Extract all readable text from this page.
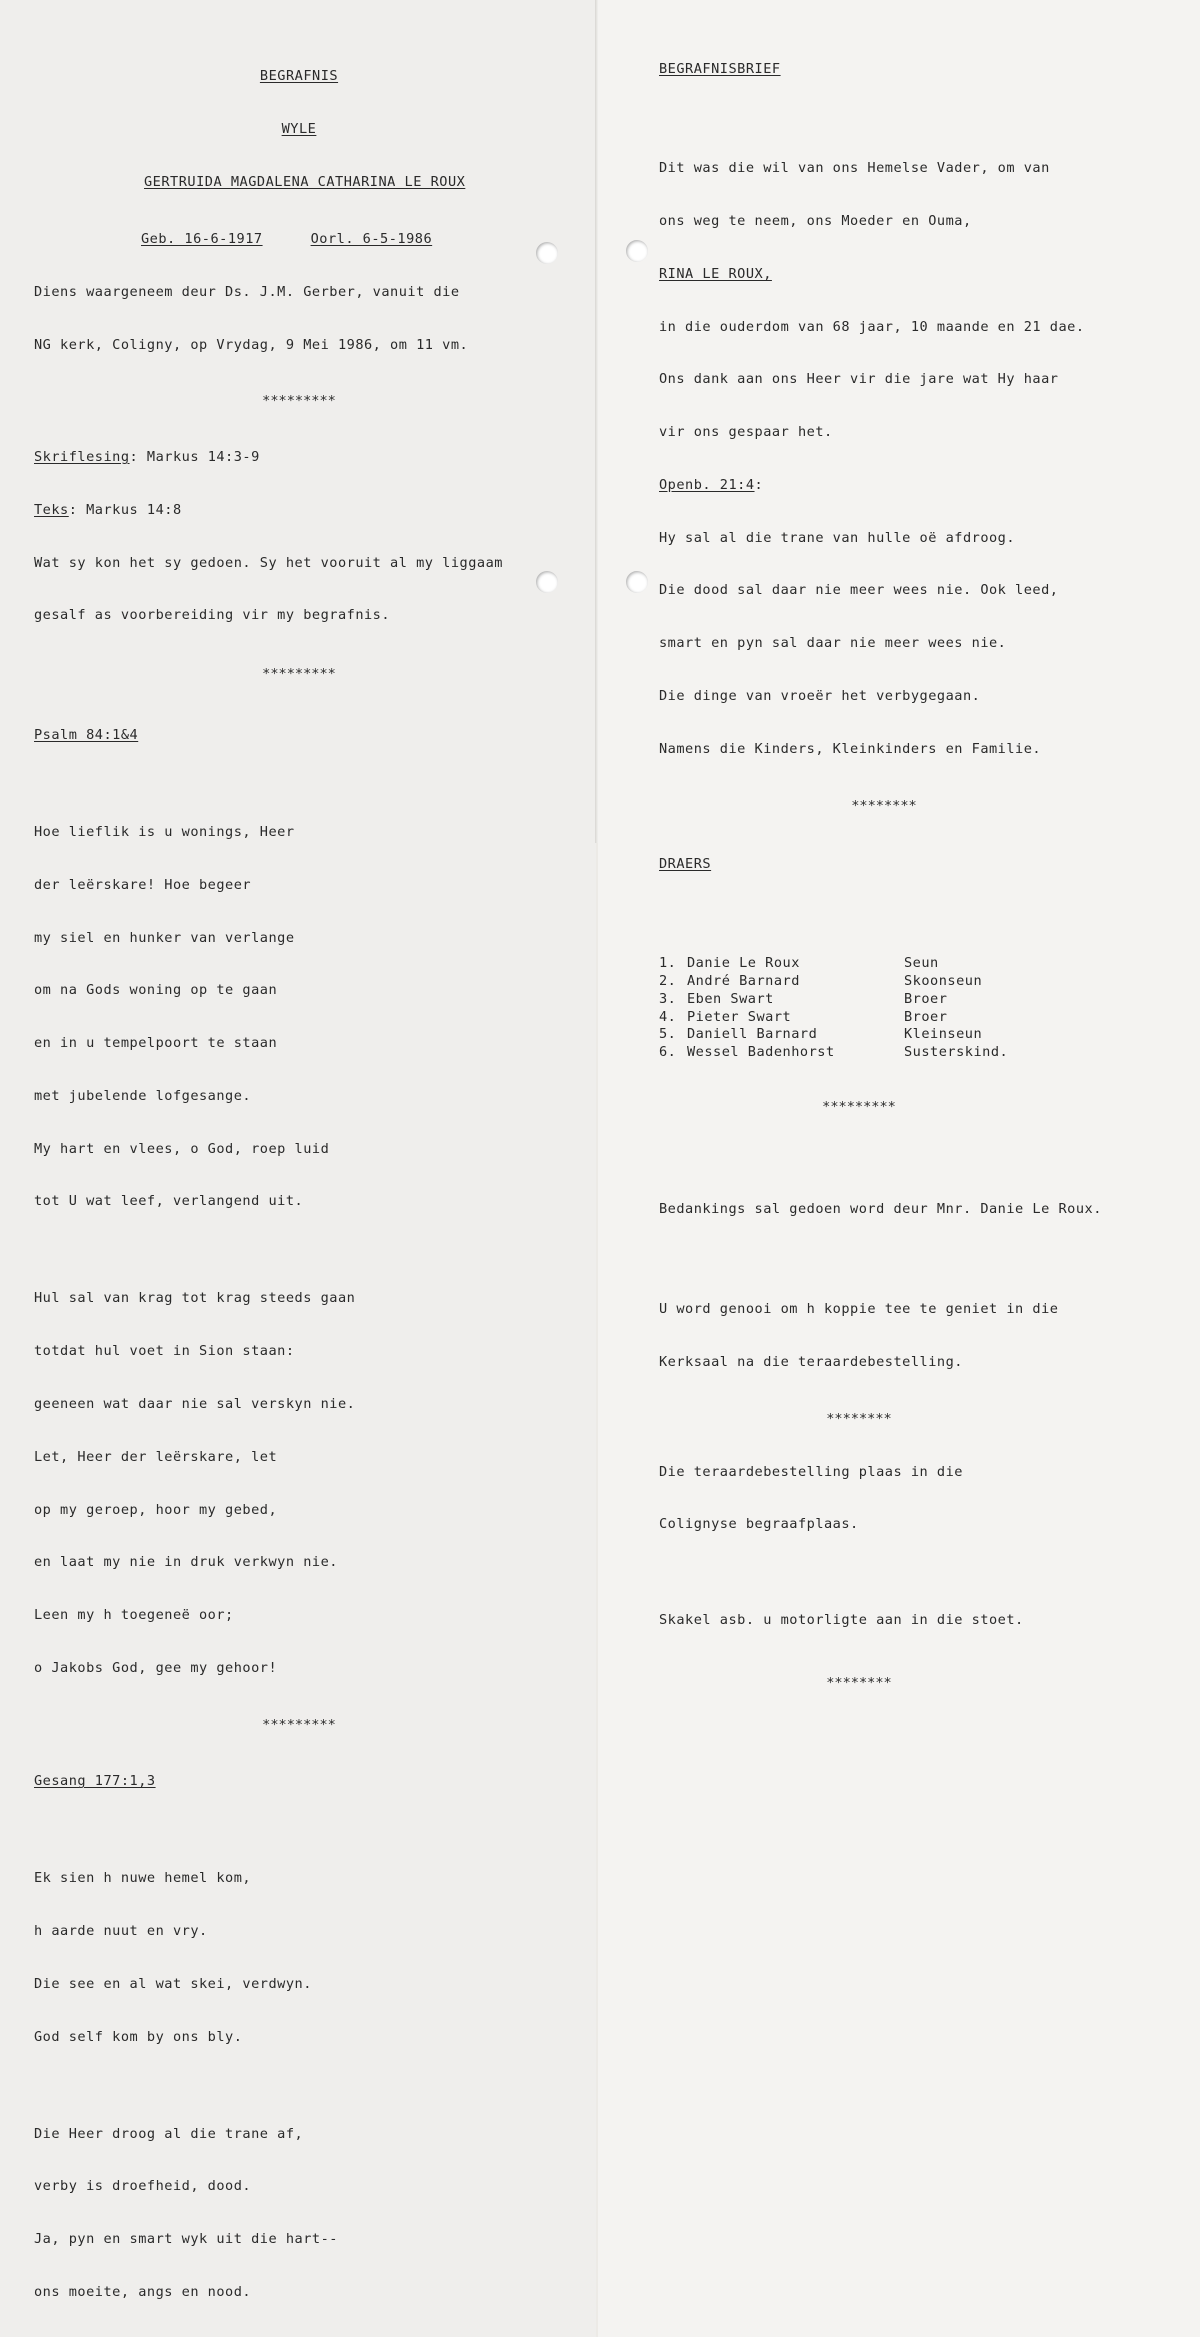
BEGRAFNIS

WYLE

GERTRUIDA MAGDALENA CATHARINA LE ROUX

Geb. 16-6-1917	Oorl. 6-5-1986

Diens waargeneem deur Ds. J.M. Gerber, vanuit die

NG kerk, Coligny, op Vrydag, 9 Mei 1986, om 11 vm.

*********

Skriflesing: Markus 14:3-9

Teks: Markus 14:8

Wat sy kon het sy gedoen. Sy het vooruit al my liggaam

gesalf as voorbereiding vir my begrafnis.

*********

Psalm 84:1&4

Hoe lieflik is u wonings, Heer

der leërskare! Hoe begeer

my siel en hunker van verlange

om na Gods woning op te gaan

en in u tempelpoort te staan

met jubelende lofgesange.

My hart en vlees, o God, roep luid

tot U wat leef, verlangend uit.

Hul sal van krag tot krag steeds gaan

totdat hul voet in Sion staan:

geeneen wat daar nie sal verskyn nie.

Let, Heer der leërskare, let

op my geroep, hoor my gebed,

en laat my nie in druk verkwyn nie.

Leen my h toegeneë oor;

o Jakobs God, gee my gehoor!

*********

Gesang 177:1,3

Ek sien h nuwe hemel kom,

h aarde nuut en vry.

Die see en al wat skei, verdwyn.

God self kom by ons bly.

Die Heer droog al die trane af,

verby is droefheid, dood.

Ja, pyn en smart wyk uit die hart--

ons moeite, angs en nood.

BEGRAFNISBRIEF

Dit was die wil van ons Hemelse Vader, om van

ons weg te neem, ons Moeder en Ouma,

RINA LE ROUX,

in die ouderdom van 68 jaar, 10 maande en 21 dae.

Ons dank aan ons Heer vir die jare wat Hy haar

vir ons gespaar het.

Openb. 21:4:

Hy sal al die trane van hulle oë afdroog.

Die dood sal daar nie meer wees nie. Ook leed,

smart en pyn sal daar nie meer wees nie.

Die dinge van vroeër het verbygegaan.

Namens die Kinders, Kleinkinders en Familie.

********

DRAERS

1.	Danie Le Roux	Seun
2.	André Barnard	Skoonseun
3.	Eben Swart	Broer
4.	Pieter Swart	Broer
5.	Daniell Barnard	Kleinseun
6.	Wessel Badenhorst	Susterskind.

*********

Bedankings sal gedoen word deur Mnr. Danie Le Roux.

U word genooi om h koppie tee te geniet in die

Kerksaal na die teraardebestelling.

********

Die teraardebestelling plaas in die

Colignyse begraafplaas.

Skakel asb. u motorligte aan in die stoet.

********
